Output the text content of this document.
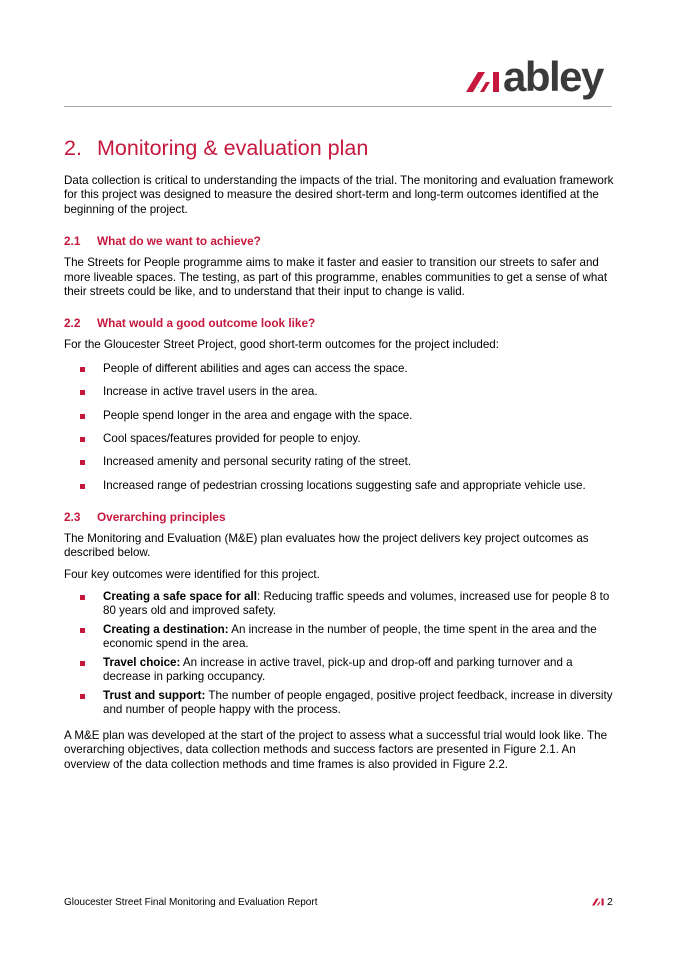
abley
2. Monitoring & evaluation plan

Data collection is critical to understanding the impacts of the trial. The monitoring and evaluation framework for this project was designed to measure the desired short-term and long-term outcomes identified at the beginning of the project.

2.1 What do we want to achieve?

The Streets for People programme aims to make it faster and easier to transition our streets to safer and more liveable spaces. The testing, as part of this programme, enables communities to get a sense of what their streets could be like, and to understand that their input to change is valid.

2.2 What would a good outcome look like?

For the Gloucester Street Project, good short-term outcomes for the project included:

People of different abilities and ages can access the space.
Increase in active travel users in the area.
People spend longer in the area and engage with the space.
Cool spaces/features provided for people to enjoy.
Increased amenity and personal security rating of the street.
Increased range of pedestrian crossing locations suggesting safe and appropriate vehicle use.
2.3 Overarching principles

The Monitoring and Evaluation (M&E) plan evaluates how the project delivers key project outcomes as described below.

Four key outcomes were identified for this project.

Creating a safe space for all: Reducing traffic speeds and volumes, increased use for people 8 to 80 years old and improved safety.
Creating a destination: An increase in the number of people, the time spent in the area and the economic spend in the area.
Travel choice: An increase in active travel, pick-up and drop-off and parking turnover and a decrease in parking occupancy.
Trust and support: The number of people engaged, positive project feedback, increase in diversity and number of people happy with the process.

A M&E plan was developed at the start of the project to assess what a successful trial would look like. The overarching objectives, data collection methods and success factors are presented in Figure 2.1. An overview of the data collection methods and time frames is also provided in Figure 2.2.

Gloucester Street Final Monitoring and Evaluation Report	2
